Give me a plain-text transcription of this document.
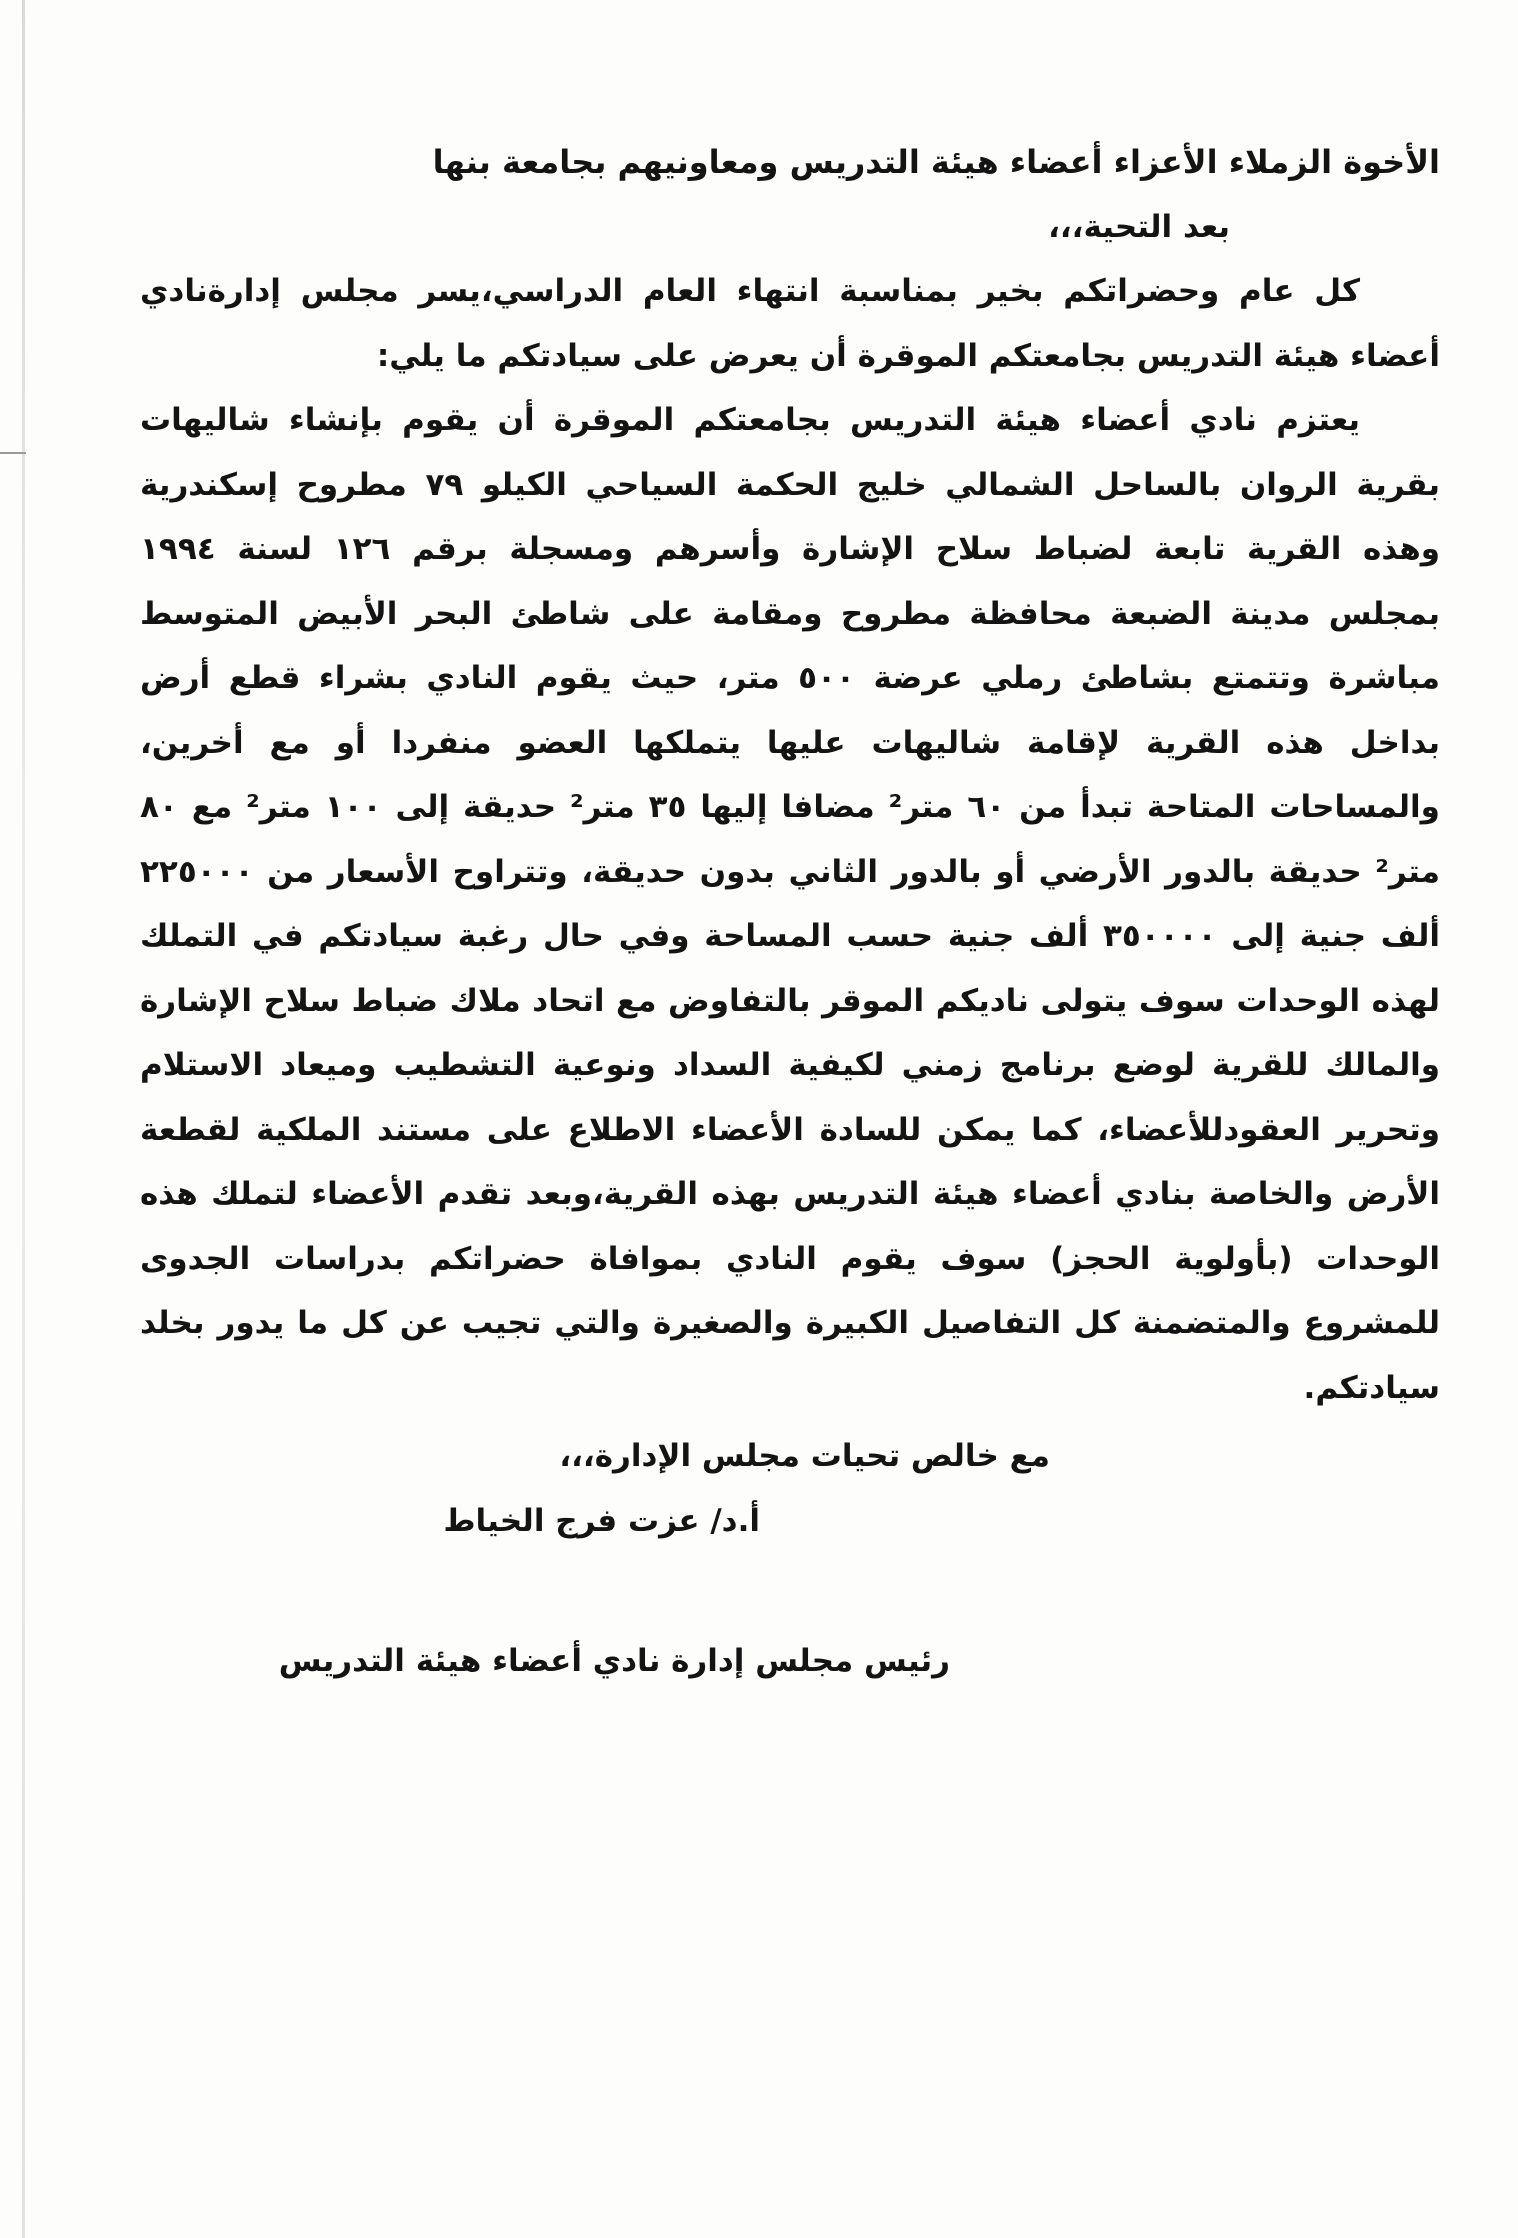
الأخوة الزملاء الأعزاء أعضاء هيئة التدريس ومعاونيهم بجامعة بنها

بعد التحية،،،

كل عام وحضراتكم بخير بمناسبة انتهاء العام الدراسي،يسر مجلس إدارةنادي أعضاء هيئة التدريس بجامعتكم الموقرة أن يعرض على سيادتكم ما يلي:

يعتزم نادي أعضاء هيئة التدريس بجامعتكم الموقرة أن يقوم بإنشاء شاليهات بقرية الروان بالساحل الشمالي خليج الحكمة السياحي الكيلو ٧٩ مطروح إسكندرية وهذه القرية تابعة لضباط سلاح الإشارة وأسرهم ومسجلة برقم ١٢٦ لسنة ١٩٩٤ بمجلس مدينة الضبعة محافظة مطروح ومقامة على شاطئ البحر الأبيض المتوسط مباشرة وتتمتع بشاطئ رملي عرضة ٥٠٠ متر، حيث يقوم النادي بشراء قطع أرض بداخل هذه القرية لإقامة شاليهات عليها يتملكها العضو منفردا أو مع أخرين، والمساحات المتاحة تبدأ من ٦٠ متر² مضافا إليها ٣٥ متر² حديقة إلى ١٠٠ متر² مع ٨٠ متر² حديقة بالدور الأرضي أو بالدور الثاني بدون حديقة، وتتراوح الأسعار من ٢٢٥٠٠٠ ألف جنية إلى ٣٥٠٠٠٠ ألف جنية حسب المساحة وفي حال رغبة سيادتكم في التملك لهذه الوحدات سوف يتولى ناديكم الموقر بالتفاوض مع اتحاد ملاك ضباط سلاح الإشارة والمالك للقرية لوضع برنامج زمني لكيفية السداد ونوعية التشطيب وميعاد الاستلام وتحرير العقودللأعضاء، كما يمكن للسادة الأعضاء الاطلاع على مستند الملكية لقطعة الأرض والخاصة بنادي أعضاء هيئة التدريس بهذه القرية،وبعد تقدم الأعضاء لتملك هذه الوحدات (بأولوية الحجز) سوف يقوم النادي بموافاة حضراتكم بدراسات الجدوى للمشروع والمتضمنة كل التفاصيل الكبيرة والصغيرة والتي تجيب عن كل ما يدور بخلد سيادتكم.

مع خالص تحيات مجلس الإدارة،،،

أ.د/ عزت فرج الخياط

رئيس مجلس إدارة نادي أعضاء هيئة التدريس
